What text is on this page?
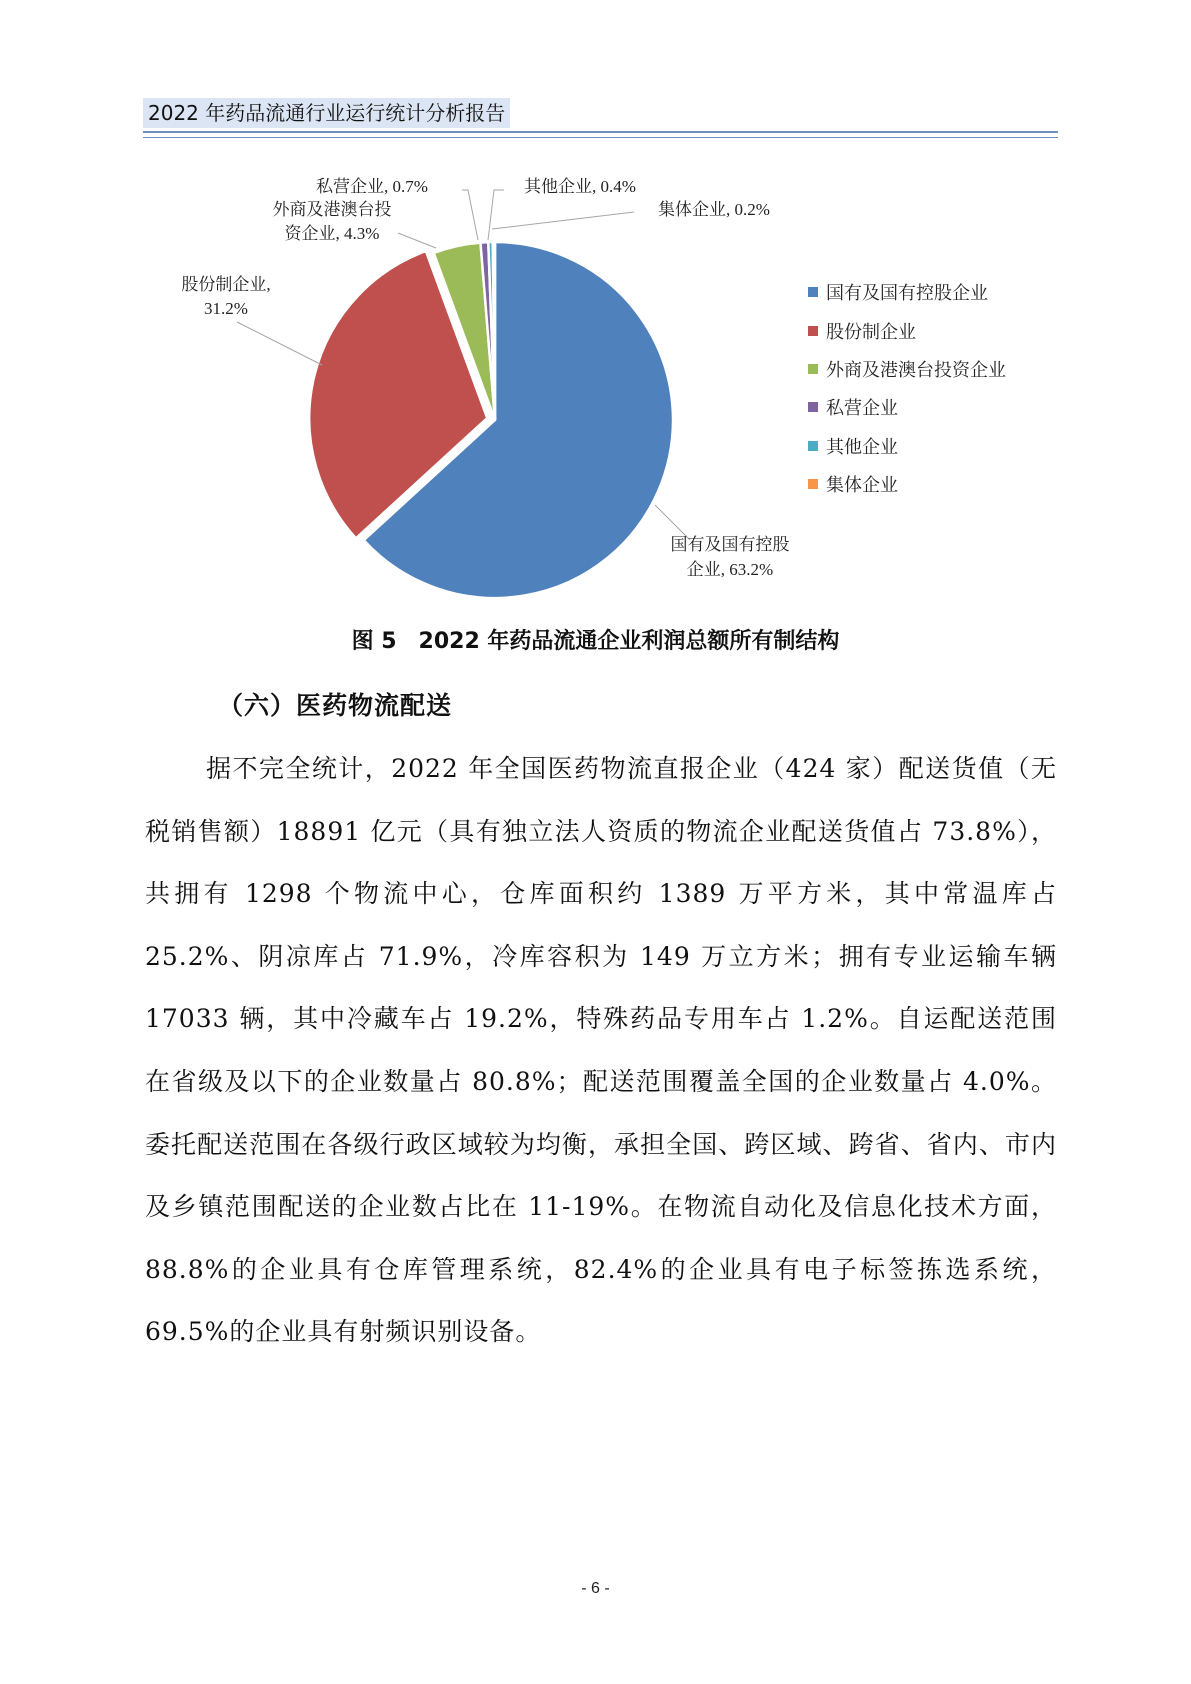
2022 年药品流通行业运行统计分析报告
国有及国有控股
企业, 63.2%
股份制企业,
31.2%
外商及港澳台投
资企业, 4.3%
私营企业, 0.7%	其他企业, 0.4%
集体企业, 0.2%
国有及国有控股企业
股份制企业
外商及港澳台投资企业
私营企业
其他企业
集体企业
图 5　2022 年药品流通企业利润总额所有制结构
（六）医药物流配送

据不完全统计，2022 年全国医药物流直报企业（424 家）配送货值（无税销售额）18891 亿元（具有独立法人资质的物流企业配送货值占 73.8%），共拥有 1298 个物流中心，仓库面积约 1389 万平方米，其中常温库占 25.2%、阴凉库占 71.9%，冷库容积为 149 万立方米；拥有专业运输车辆 17033 辆，其中冷藏车占 19.2%，特殊药品专用车占 1.2%。自运配送范围在省级及以下的企业数量占 80.8%；配送范围覆盖全国的企业数量占 4.0%。委托配送范围在各级行政区域较为均衡，承担全国、跨区域、跨省、省内、市内及乡镇范围配送的企业数占比在 11-19%。在物流自动化及信息化技术方面，88.8%的企业具有仓库管理系统，82.4%的企业具有电子标签拣选系统，69.5%的企业具有射频识别设备。

- 6 -
